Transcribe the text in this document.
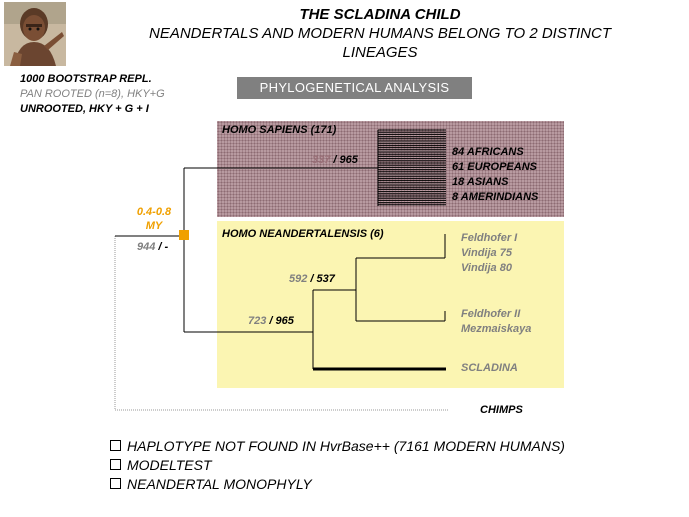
THE SCLADINA CHILD
NEANDERTALS AND MODERN HUMANS BELONG TO 2 DISTINCT
LINEAGES
1000 BOOTSTRAP REPL.
PAN ROOTED (n=8), HKY+G
UNROOTED, HKY + G + I
PHYLOGENETICAL ANALYSIS
HOMO SAPIENS (171)
HOMO NEANDERTALENSIS (6)
84 AFRICANS
61 EUROPEANS
18 ASIANS
8 AMERINDIANS
Feldhofer I
Vindija 75
Vindija 80
Feldhofer II
Mezmaiskaya
SCLADINA
CHIMPS
0.4-0.8
MY
944 / -
337 / 965
723 / 965
592 / 537
HAPLOTYPE NOT FOUND IN HvrBase++ (7161 MODERN HUMANS)
MODELTEST
NEANDERTAL MONOPHYLY
